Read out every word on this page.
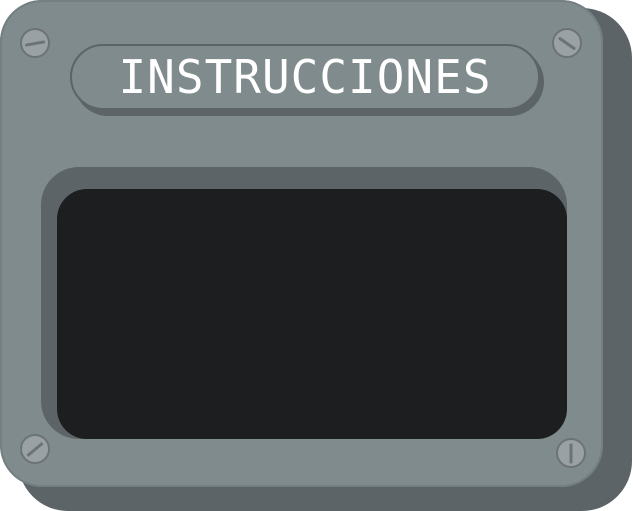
INSTRUCCIONES
